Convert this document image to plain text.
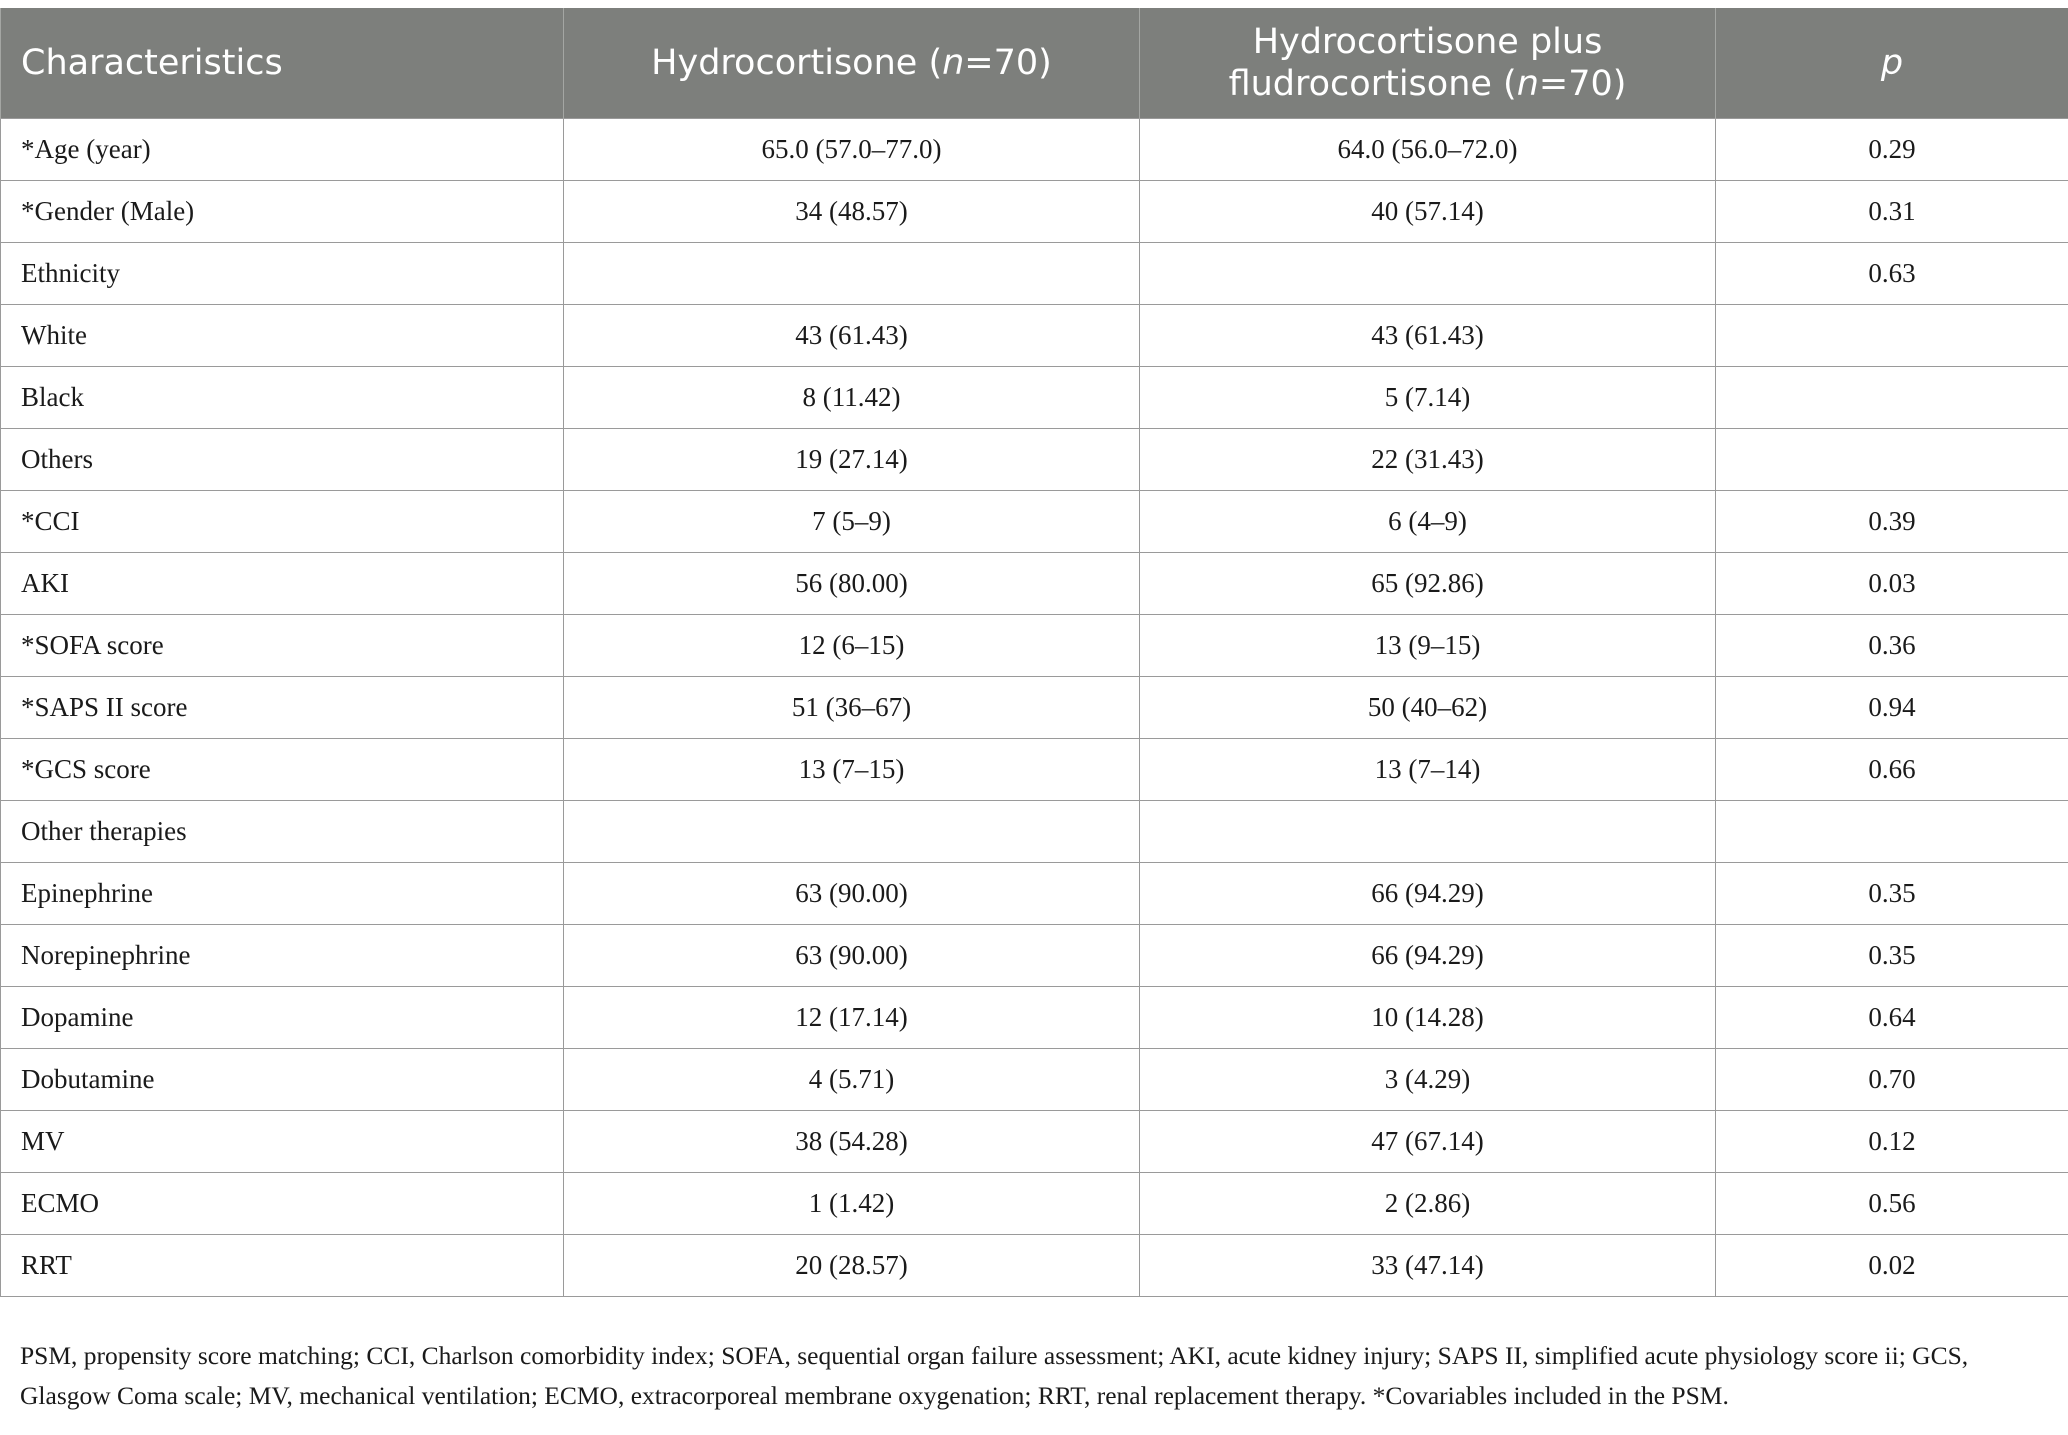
Characteristics	Hydrocortisone (n=70)	Hydrocortisone plus
fludrocortisone (n=70)	p
*Age (year)	65.0 (57.0–77.0)	64.0 (56.0–72.0)	0.29
*Gender (Male)	34 (48.57)	40 (57.14)	0.31
Ethnicity			0.63
White	43 (61.43)	43 (61.43)	
Black	8 (11.42)	5 (7.14)	
Others	19 (27.14)	22 (31.43)	
*CCI	7 (5–9)	6 (4–9)	0.39
AKI	56 (80.00)	65 (92.86)	0.03
*SOFA score	12 (6–15)	13 (9–15)	0.36
*SAPS II score	51 (36–67)	50 (40–62)	0.94
*GCS score	13 (7–15)	13 (7–14)	0.66
Other therapies			
Epinephrine	63 (90.00)	66 (94.29)	0.35
Norepinephrine	63 (90.00)	66 (94.29)	0.35
Dopamine	12 (17.14)	10 (14.28)	0.64
Dobutamine	4 (5.71)	3 (4.29)	0.70
MV	38 (54.28)	47 (67.14)	0.12
ECMO	1 (1.42)	2 (2.86)	0.56
RRT	20 (28.57)	33 (47.14)	0.02
PSM, propensity score matching; CCI, Charlson comorbidity index; SOFA, sequential organ failure assessment; AKI, acute kidney injury; SAPS II, simplified acute physiology score ii; GCS, Glasgow Coma scale; MV, mechanical ventilation; ECMO, extracorporeal membrane oxygenation; RRT, renal replacement therapy. *Covariables included in the PSM.
